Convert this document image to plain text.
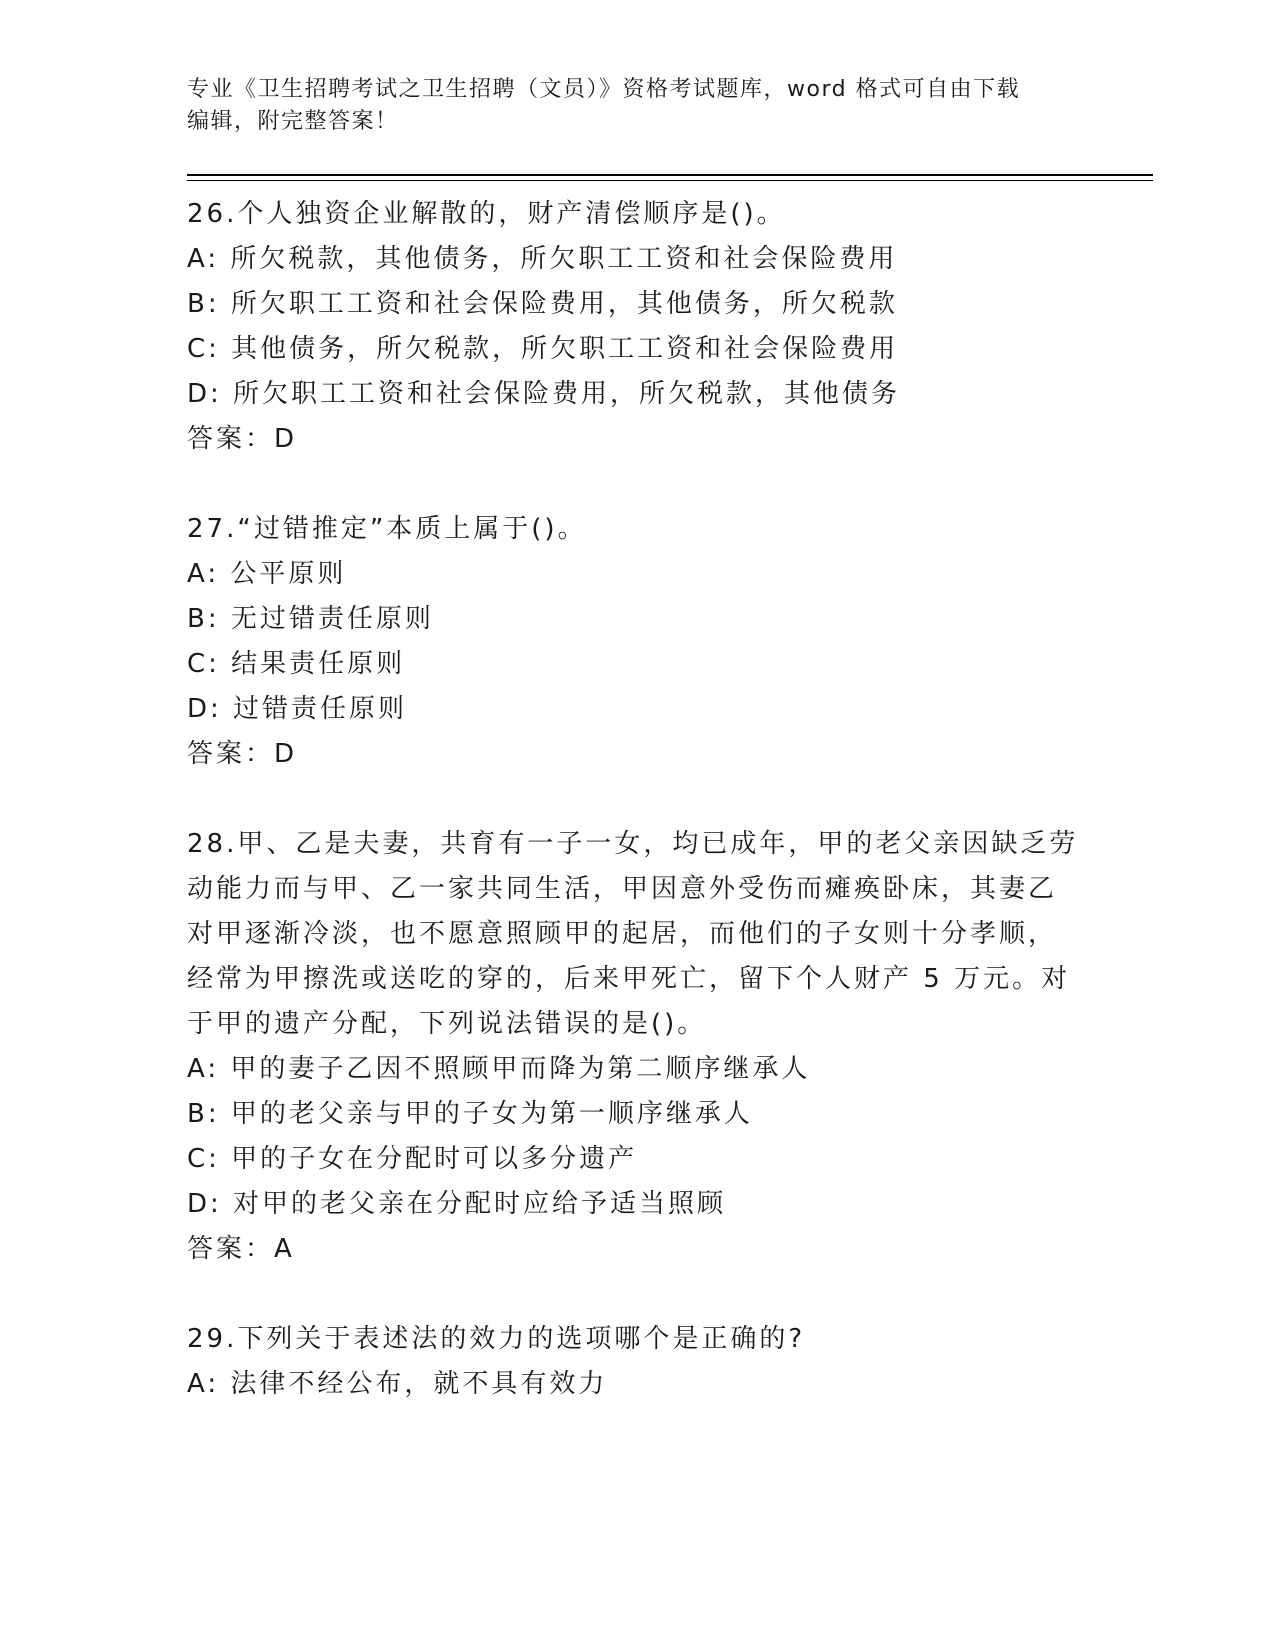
专业《卫生招聘考试之卫生招聘（文员）》资格考试题库，word 格式可自由下载
编辑，附完整答案！
26.个人独资企业解散的，财产清偿顺序是()。
A: 所欠税款，其他债务，所欠职工工资和社会保险费用
B: 所欠职工工资和社会保险费用，其他债务，所欠税款
C: 其他债务，所欠税款，所欠职工工资和社会保险费用
D: 所欠职工工资和社会保险费用，所欠税款，其他债务
答案：D
27.“过错推定”本质上属于()。
A: 公平原则
B: 无过错责任原则
C: 结果责任原则
D: 过错责任原则
答案：D
28.甲、乙是夫妻，共育有一子一女，均已成年，甲的老父亲因缺乏劳
动能力而与甲、乙一家共同生活，甲因意外受伤而瘫痪卧床，其妻乙
对甲逐渐冷淡，也不愿意照顾甲的起居，而他们的子女则十分孝顺，
经常为甲擦洗或送吃的穿的，后来甲死亡，留下个人财产 5 万元。对
于甲的遗产分配，下列说法错误的是()。
A: 甲的妻子乙因不照顾甲而降为第二顺序继承人
B: 甲的老父亲与甲的子女为第一顺序继承人
C: 甲的子女在分配时可以多分遗产
D: 对甲的老父亲在分配时应给予适当照顾
答案：A
29.下列关于表述法的效力的选项哪个是正确的?
A: 法律不经公布，就不具有效力
